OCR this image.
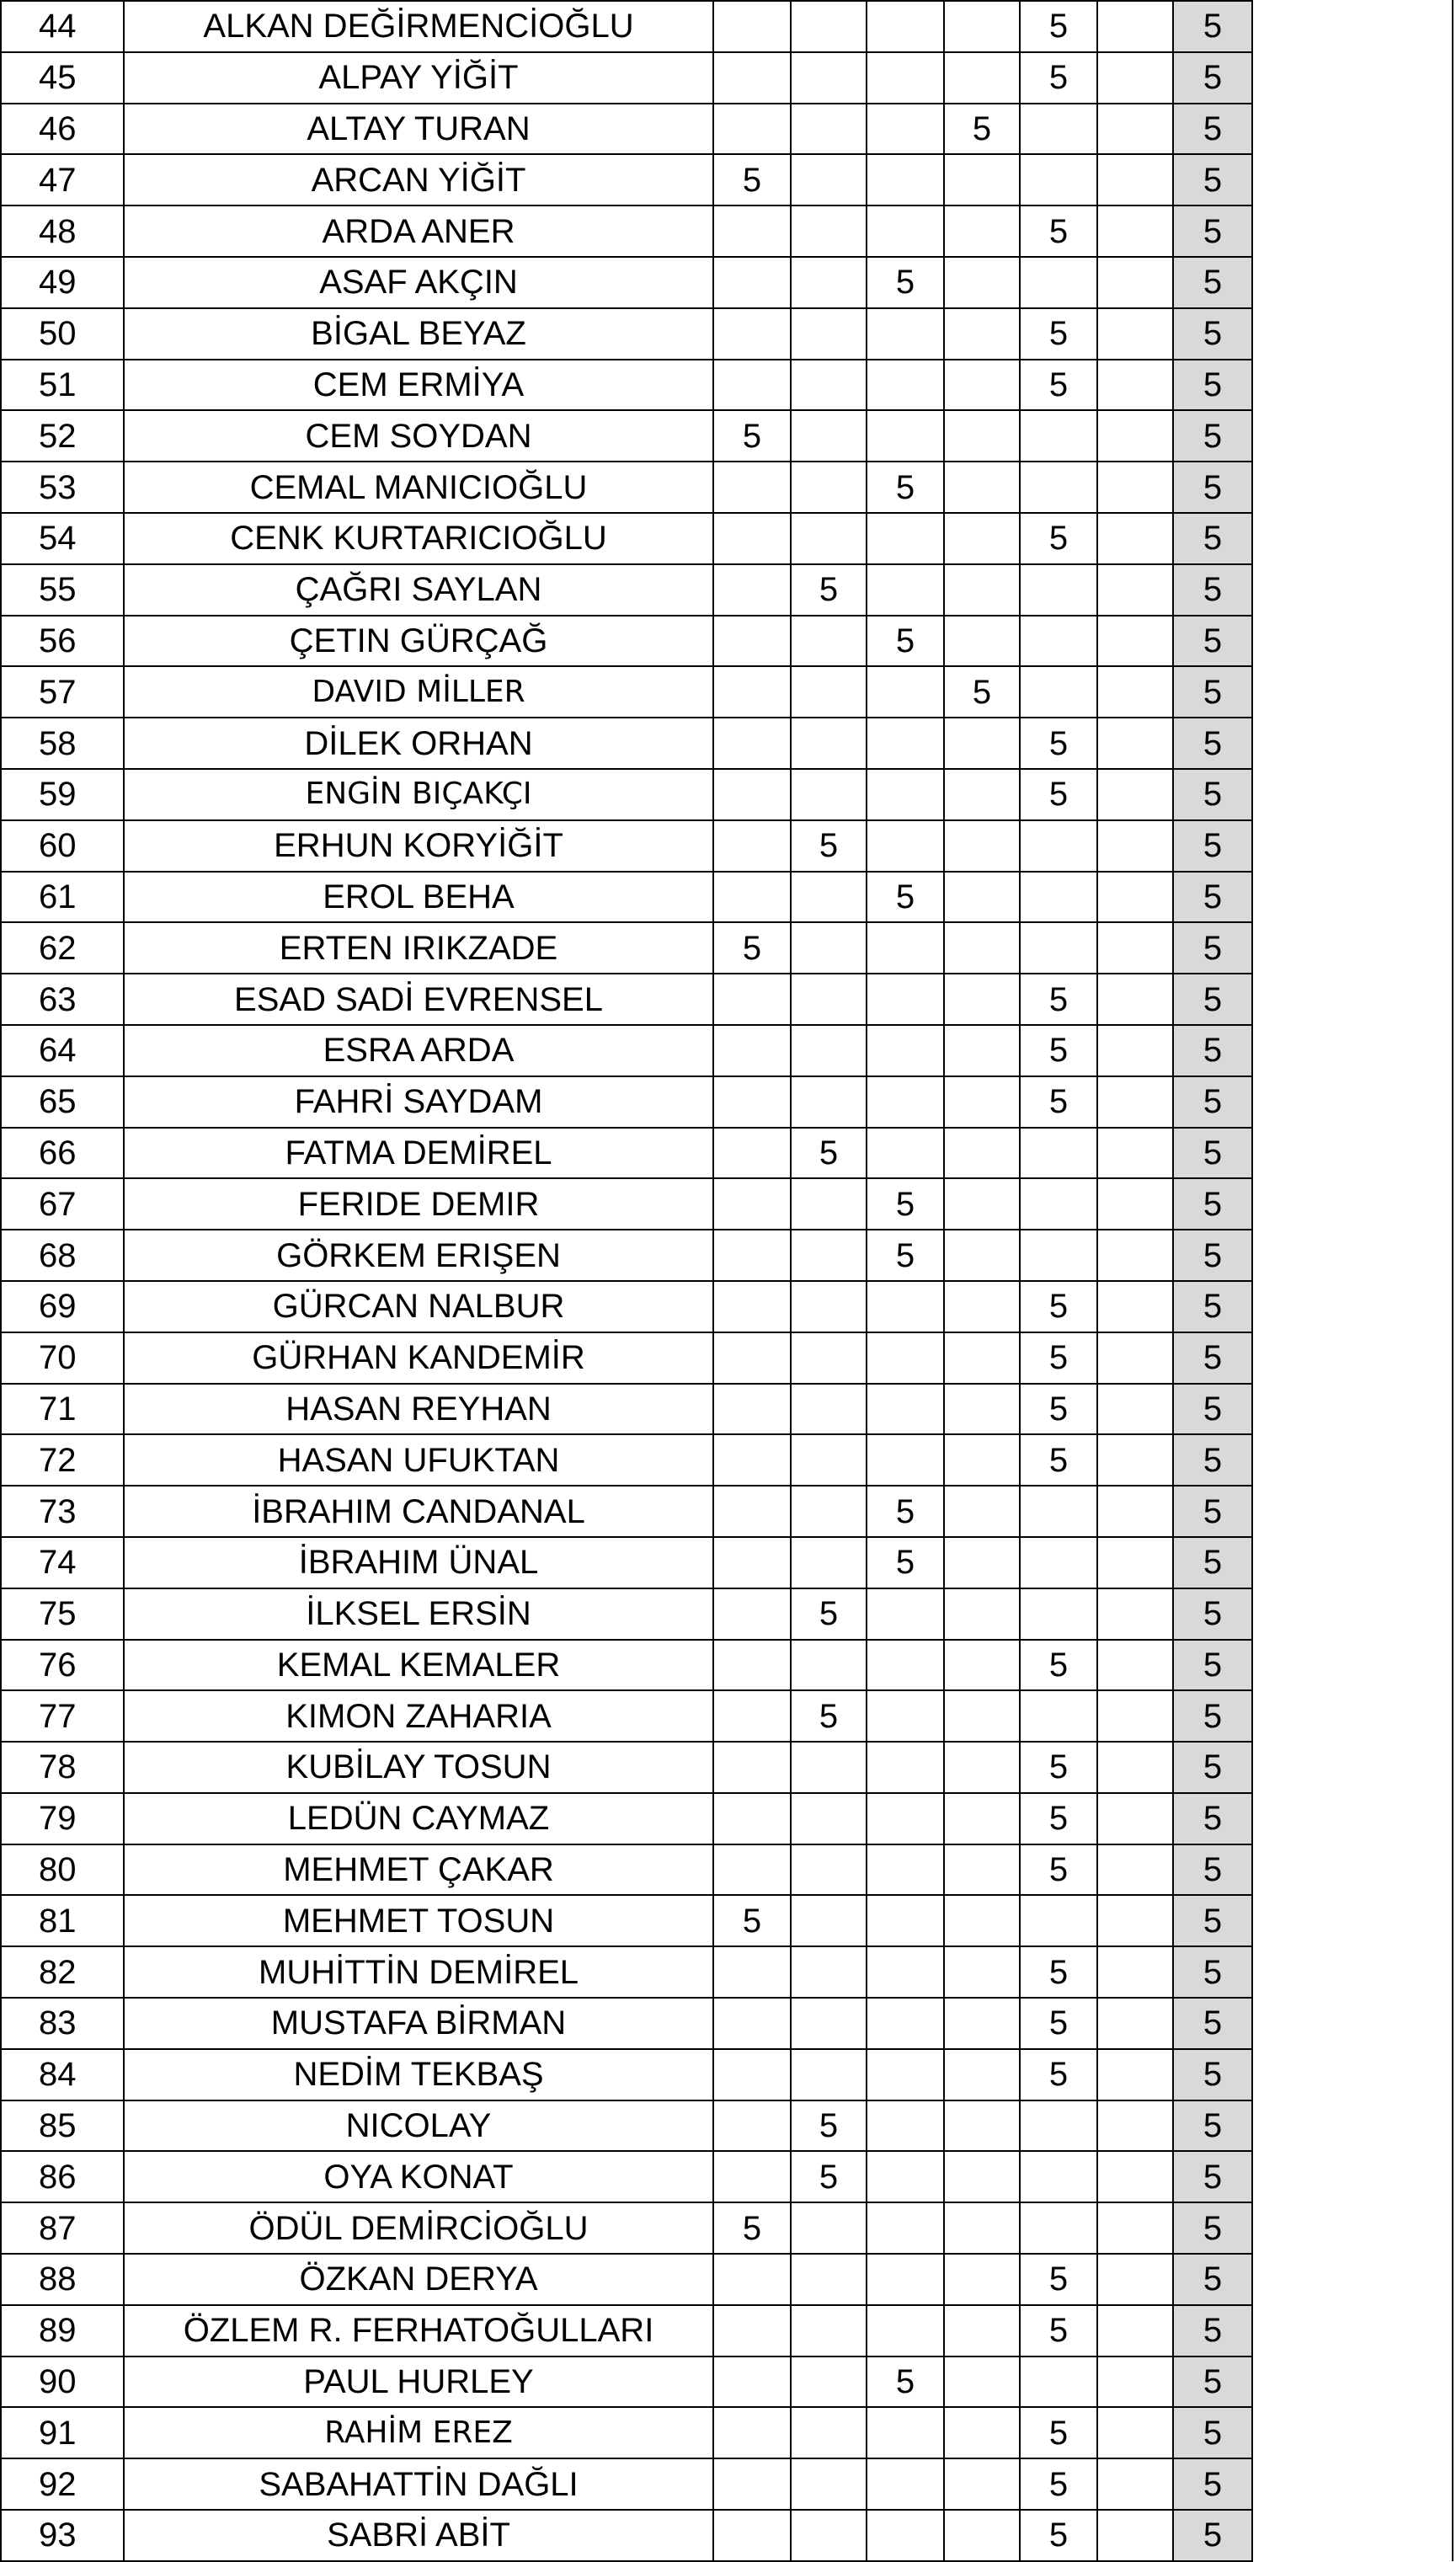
44	ALKAN DEĞİRMENCİOĞLU					5		5
45	ALPAY YİĞİT					5		5
46	ALTAY TURAN				5			5
47	ARCAN YİĞİT	5						5
48	ARDA ANER					5		5
49	ASAF AKÇIN			5				5
50	BİGAL BEYAZ					5		5
51	CEM ERMİYA					5		5
52	CEM SOYDAN	5						5
53	CEMAL MANICIOĞLU			5				5
54	CENK KURTARICIOĞLU					5		5
55	ÇAĞRI SAYLAN		5					5
56	ÇETIN GÜRÇAĞ			5				5
57	DAVID MİLLER				5			5
58	DİLEK ORHAN					5		5
59	ENGİN BIÇAKÇI					5		5
60	ERHUN KORYİĞİT		5					5
61	EROL BEHA			5				5
62	ERTEN IRIKZADE	5						5
63	ESAD SADİ EVRENSEL					5		5
64	ESRA ARDA					5		5
65	FAHRİ SAYDAM					5		5
66	FATMA DEMİREL		5					5
67	FERIDE DEMIR			5				5
68	GÖRKEM ERIŞEN			5				5
69	GÜRCAN NALBUR					5		5
70	GÜRHAN KANDEMİR					5		5
71	HASAN REYHAN					5		5
72	HASAN UFUKTAN					5		5
73	İBRAHIM CANDANAL			5				5
74	İBRAHIM ÜNAL			5				5
75	İLKSEL ERSİN		5					5
76	KEMAL KEMALER					5		5
77	KIMON ZAHARIA		5					5
78	KUBİLAY TOSUN					5		5
79	LEDÜN CAYMAZ					5		5
80	MEHMET ÇAKAR					5		5
81	MEHMET TOSUN	5						5
82	MUHİTTİN DEMİREL					5		5
83	MUSTAFA BİRMAN					5		5
84	NEDİM TEKBAŞ					5		5
85	NICOLAY		5					5
86	OYA KONAT		5					5
87	ÖDÜL DEMİRCİOĞLU	5						5
88	ÖZKAN DERYA					5		5
89	ÖZLEM R. FERHATOĞULLARI					5		5
90	PAUL HURLEY			5				5
91	RAHİM EREZ					5		5
92	SABAHATTİN DAĞLI					5		5
93	SABRİ ABİT					5		5
